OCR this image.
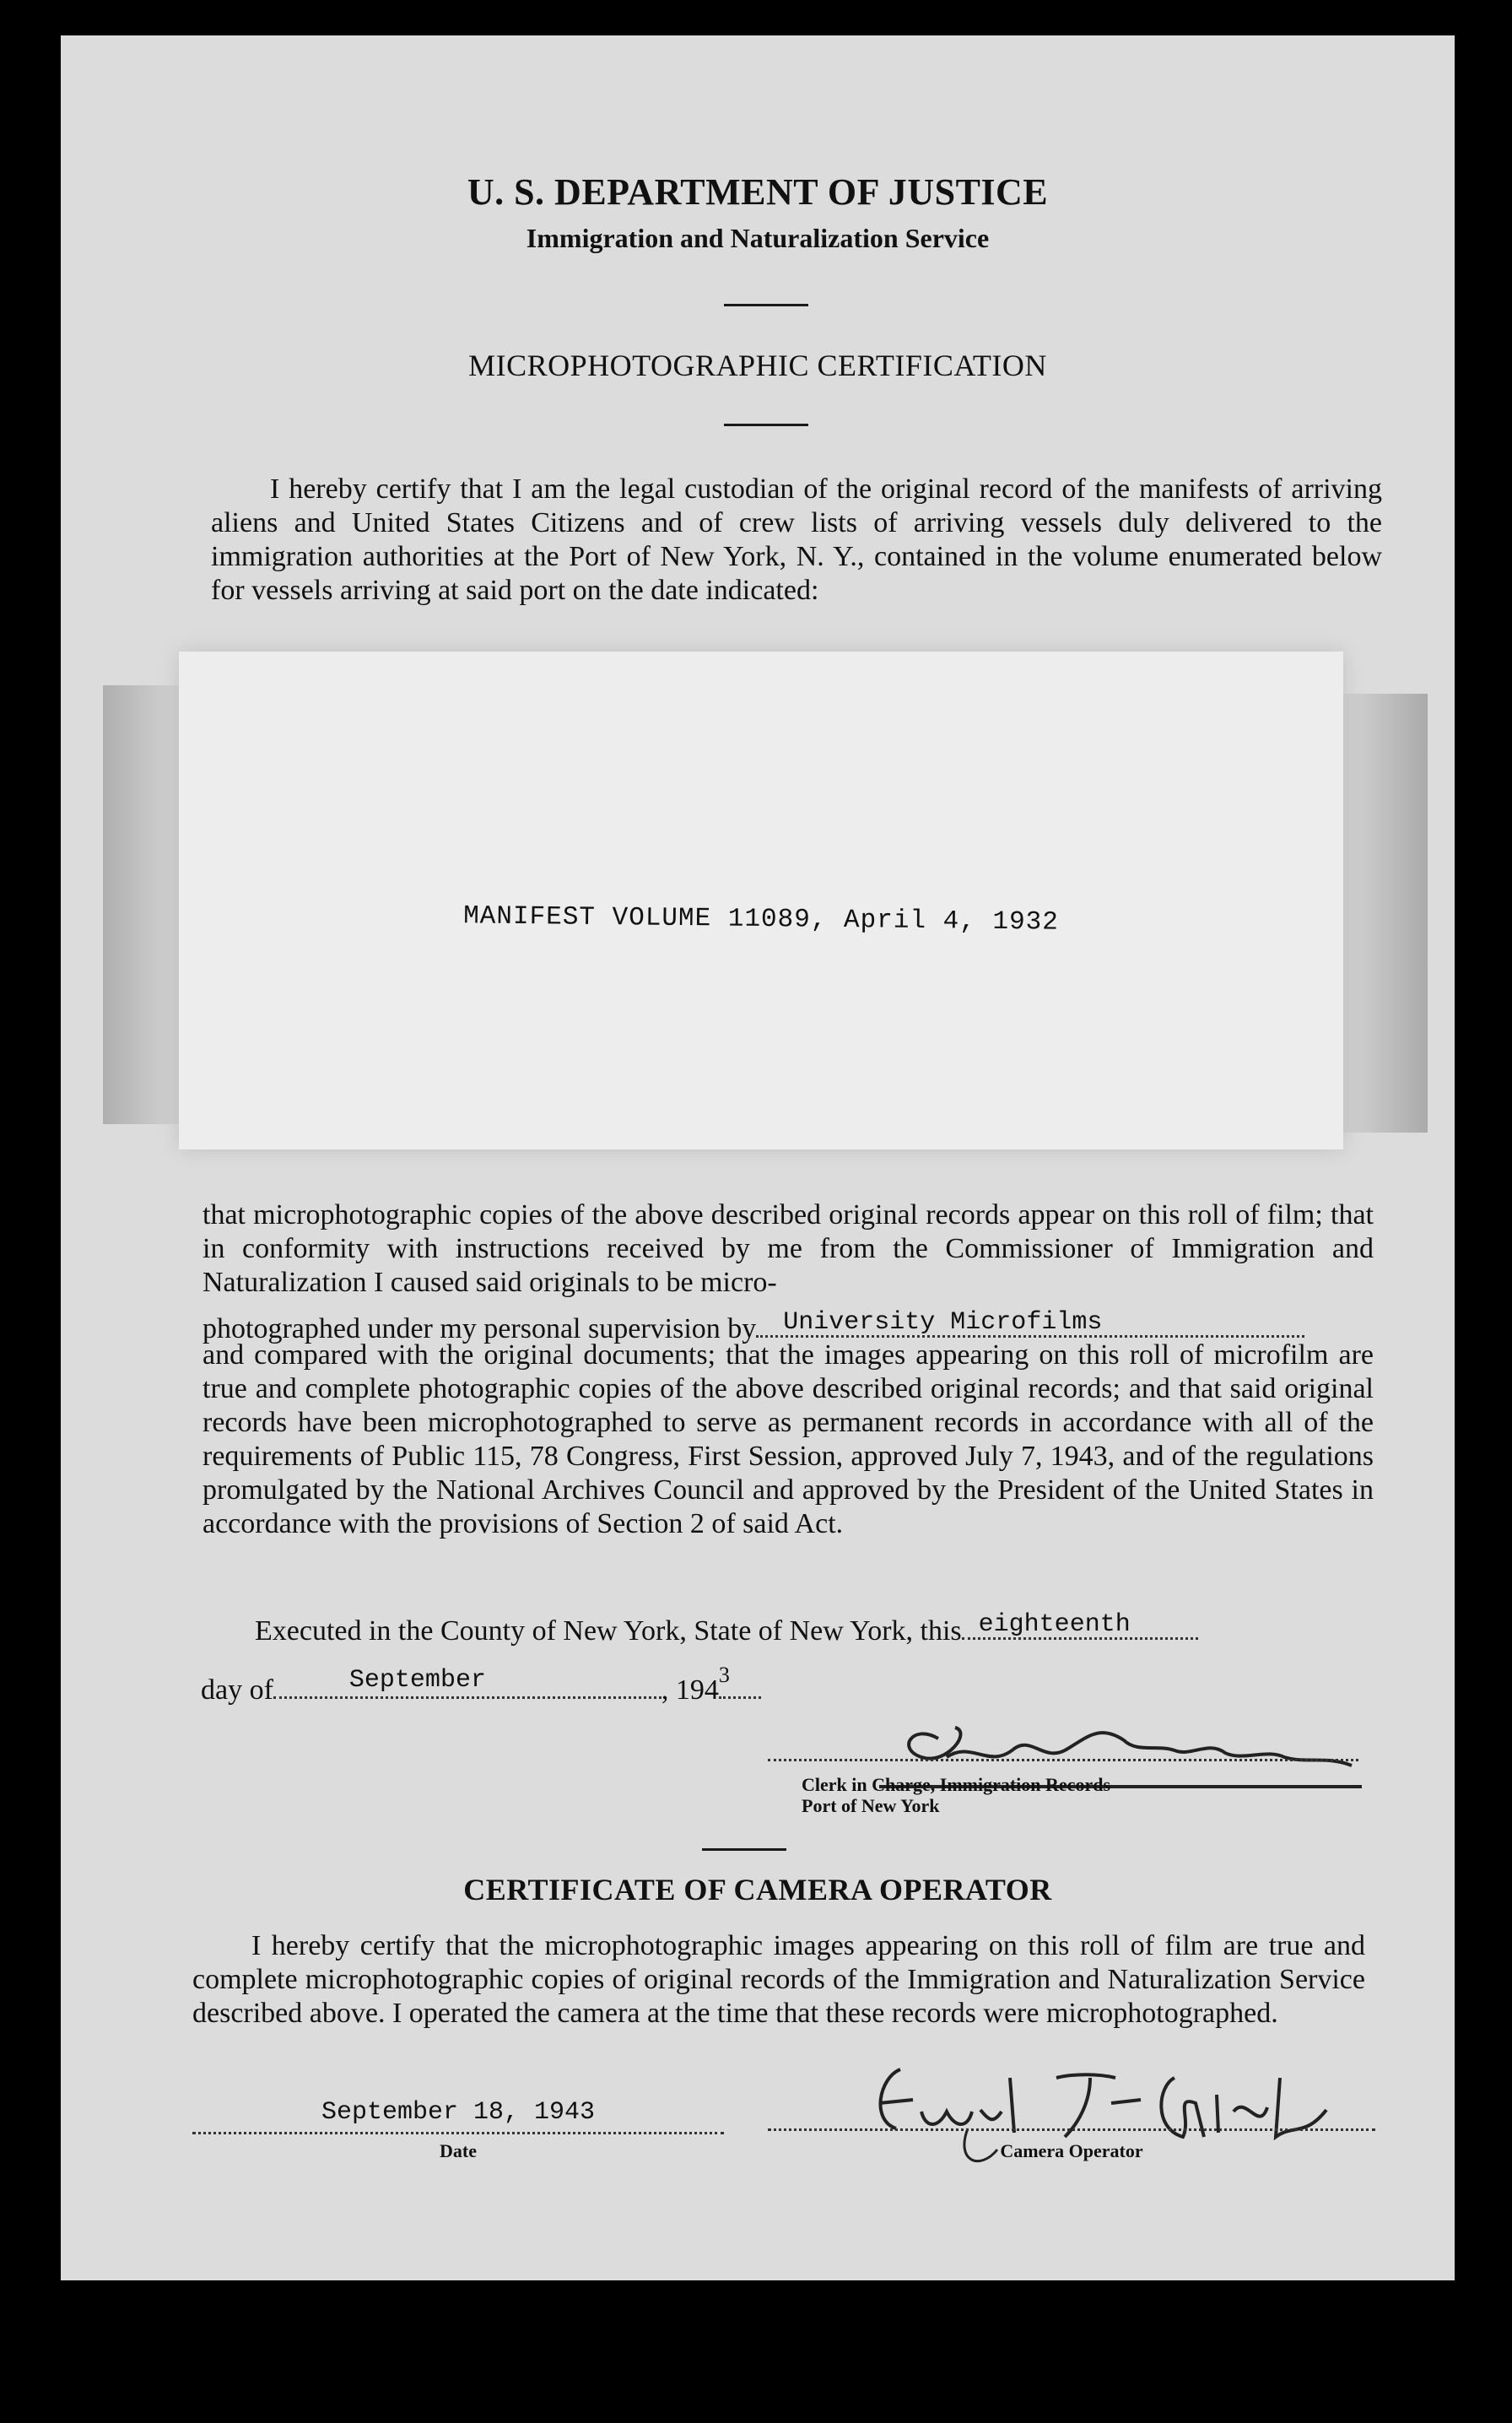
U. S. DEPARTMENT OF JUSTICE
Immigration and Naturalization Service
MICROPHOTOGRAPHIC CERTIFICATION
I hereby certify that I am the legal custodian of the original record of the manifests of arriving aliens and United States Citizens and of crew lists of arriving vessels duly delivered to the immigration authorities at the Port of New York, N. Y., contained in the volume enumerated below for vessels arriving at said port on the date indicated:
MANIFEST VOLUME 11089, April 4, 1932
that microphotographic copies of the above described original records appear on this roll of film; that in conformity with instructions received by me from the Commissioner of Immigration and Naturalization I caused said originals to be micro-
photographed under my personal supervision by University Microfilms
and compared with the original documents; that the images appearing on this roll of microfilm are true and complete photographic copies of the above described original records; and that said original records have been microphotographed to serve as permanent records in accordance with all of the requirements of Public 115, 78 Congress, First Session, approved July 7, 1943, and of the regulations promulgated by the National Archives Council and approved by the President of the United States in accordance with the provisions of Section 2 of said Act.
Executed in the County of New York, State of New York, this eighteenth
day of	September	, 194 3
Clerk in Charge, Immigration Records
Port of New York
CERTIFICATE OF CAMERA OPERATOR
I hereby certify that the microphotographic images appearing on this roll of film are true and complete microphotographic copies of original records of the Immigration and Naturalization Service described above. I operated the camera at the time that these records were microphotographed.
September 18, 1943
Date	Camera Operator
